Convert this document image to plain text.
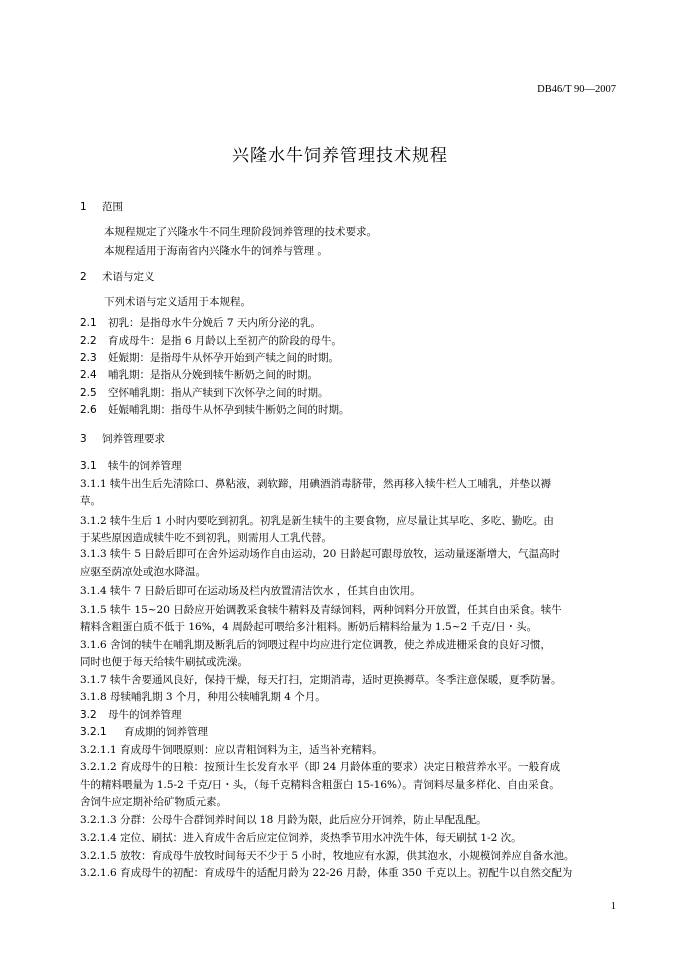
DB46/T 90—2007
兴隆水牛饲养管理技术规程
1 范围
本规程规定了兴隆水牛不同生理阶段饲养管理的技术要求。
本规程适用于海南省内兴隆水牛的饲养与管理 。
2 术语与定义
下列术语与定义适用于本规程。
2.1 初乳：是指母水牛分娩后 7 天内所分泌的乳。
2.2 育成母牛：是指 6 月龄以上至初产的阶段的母牛。
2.3 妊娠期：是指母牛从怀孕开始到产犊之间的时期。
2.4 哺乳期：是指从分娩到犊牛断奶之间的时期。
2.5 空怀哺乳期：指从产犊到下次怀孕之间的时期。
2.6 妊娠哺乳期：指母牛从怀孕到犊牛断奶之间的时期。
3 饲养管理要求
3.1 犊牛的饲养管理
3.1.1 犊牛出生后先清除口、鼻粘液，剥软蹄，用碘酒消毒脐带，然再移入犊牛栏人工哺乳，并垫以褥
草。
3.1.2 犊牛生后 1 小时内要吃到初乳。初乳是新生犊牛的主要食物，应尽量让其早吃、多吃、勤吃。由
于某些原因造成犊牛吃不到初乳，则需用人工乳代替。
3.1.3 犊牛 5 日龄后即可在舍外运动场作自由运动，20 日龄起可跟母放牧，运动量逐渐增大，气温高时
应驱至荫凉处或泡水降温。
3.1.4 犊牛 7 日龄后即可在运动场及栏内放置清洁饮水 ，任其自由饮用。
3.1.5 犊牛 15~20 日龄应开始调教采食犊牛精料及青绿饲料，两种饲料分开放置，任其自由采食。犊牛
精料含粗蛋白质不低于 16%，4 周龄起可喂给多汁粗料。断奶后精料给量为 1.5~2 千克/日・头。
3.1.6 舍饲的犊牛在哺乳期及断乳后的饲喂过程中均应进行定位调教，使之养成进栅采食的良好习惯，
同时也便于每天给犊牛刷拭或洗澡。
3.1.7 犊牛舍要通风良好，保持干燥，每天打扫，定期消毒，适时更换褥草。冬季注意保暖，夏季防暑。
3.1.8 母犊哺乳期 3 个月，种用公犊哺乳期 4 个月。
3.2 母牛的饲养管理
3.2.1 育成期的饲养管理
3.2.1.1 育成母牛饲喂原则：应以青粗饲料为主，适当补充精料。
3.2.1.2 育成母牛的日粮：按预计生长发育水平（即 24 月龄体重的要求）决定日粮营养水平。一般育成
牛的精料喂量为 1.5-2 千克/日・头，（每千克精料含粗蛋白 15-16%）。青饲料尽量多样化、自由采食。
舍饲牛应定期补给矿物质元素。
3.2.1.3 分群：公母牛合群饲养时间以 18 月龄为限，此后应分开饲养，防止早配乱配。
3.2.1.4 定位、刷拭：进入育成牛舍后应定位饲养，炎热季节用水冲洗牛体，每天刷拭 1-2 次。
3.2.1.5 放牧：育成母牛放牧时间每天不少于 5 小时，牧地应有水源，供其泡水，小规模饲养应自备水池。
3.2.1.6 育成母牛的初配：育成母牛的适配月龄为 22-26 月龄，体重 350 千克以上。初配牛以自然交配为
1
